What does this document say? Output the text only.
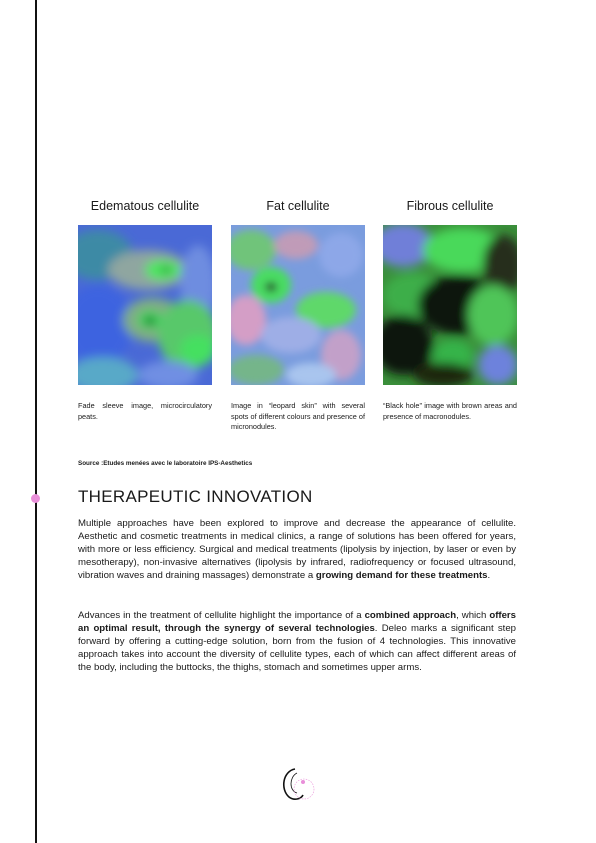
Edematous cellulite
Fade sleeve image, microcirculatory peats.
Fat cellulite
Image in “leopard skin” with several spots of different colours and presence of micronodules.
Fibrous cellulite
“Black hole” image with brown areas and presence of macronodules.
Source :Etudes menées avec le laboratoire IPS-Aesthetics
THERAPEUTIC INNOVATION

Multiple approaches have been explored to improve and decrease the appearance of cellulite. Aesthetic and cosmetic treatments in medical clinics, a range of solutions has been offered for years, with more or less efficiency. Surgical and medical treatments (lipolysis by injection, by laser or even by mesotherapy), non-invasive alternatives (lipolysis by infrared, radiofrequency or focused ultrasound, vibration waves and draining massages) demonstrate a growing demand for these treatments.

Advances in the treatment of cellulite highlight the importance of a combined approach, which offers an optimal result, through the synergy of several technologies. Deleo marks a significant step forward by offering a cutting-edge solution, born from the fusion of 4 technologies. This innovative approach takes into account the diversity of cellulite types, each of which can affect different areas of the body, including the buttocks, the thighs, stomach and sometimes upper arms.
